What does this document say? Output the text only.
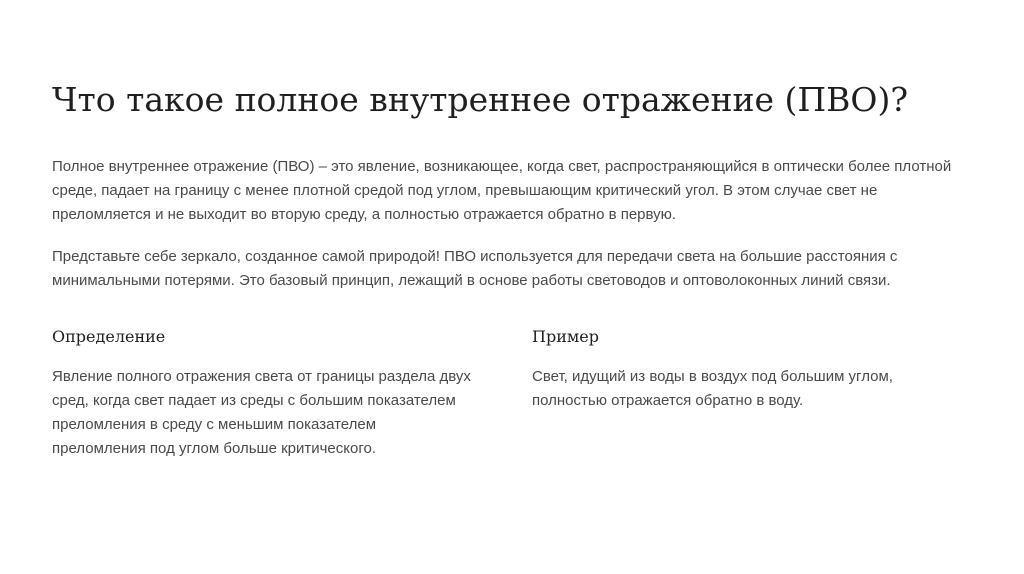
Что такое полное внутреннее отражение (ПВО)?

Полное внутреннее отражение (ПВО) – это явление, возникающее, когда свет, распространяющийся в оптически более плотной среде, падает на границу с менее плотной средой под углом, превышающим критический угол. В этом случае свет не преломляется и не выходит во вторую среду, а полностью отражается обратно в первую.

Представьте себе зеркало, созданное самой природой! ПВО используется для передачи света на большие расстояния с минимальными потерями. Это базовый принцип, лежащий в основе работы световодов и оптоволоконных линий связи.

Определение

Явление полного отражения света от границы раздела двух сред, когда свет падает из среды с большим показателем преломления в среду с меньшим показателем преломления под углом больше критического.

Пример

Свет, идущий из воды в воздух под большим углом, полностью отражается обратно в воду.
